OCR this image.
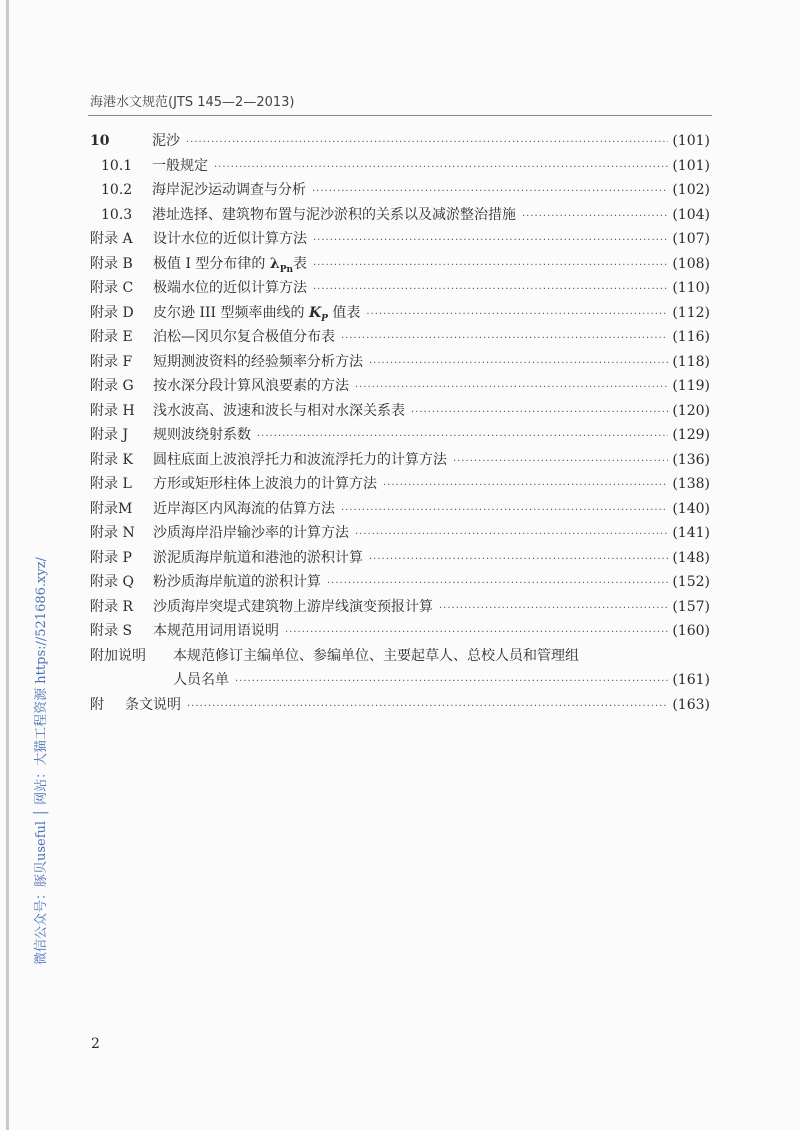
海港水文规范(JTS 145—2—2013)
10	泥沙 ·····	(101)
10.1	一般规定 ·····	(101)
10.2	海岸泥沙运动调查与分析 ·····	(102)
10.3	港址选择、建筑物布置与泥沙淤积的关系以及减淤整治措施 ·····	(104)
附录 A	设计水位的近似计算方法 ·····	(107)
附录 B	极值 I 型分布律的 $\lambda_{Pn}$表 ·····	(108)
附录 C	极端水位的近似计算方法 ·····	(110)
附录 D	皮尔逊 III 型频率曲线的 $K_P$ 值表 ·····	(112)
附录 E	泊松—冈贝尔复合极值分布表 ·····	(116)
附录 F	短期测波资料的经验频率分析方法 ·····	(118)
附录 G	按水深分段计算风浪要素的方法 ·····	(119)
附录 H	浅水波高、波速和波长与相对水深关系表 ·····	(120)
附录 J	规则波绕射系数 ·····	(129)
附录 K	圆柱底面上波浪浮托力和波流浮托力的计算方法 ·····	(136)
附录 L	方形或矩形柱体上波浪力的计算方法 ·····	(138)
附录M	近岸海区内风海流的估算方法 ·····	(140)
附录 N	沙质海岸沿岸输沙率的计算方法 ·····	(141)
附录 P	淤泥质海岸航道和港池的淤积计算 ·····	(148)
附录 Q	粉沙质海岸航道的淤积计算 ·····	(152)
附录 R	沙质海岸突堤式建筑物上游岸线演变预报计算 ·····	(157)
附录 S	本规范用词用语说明 ·····	(160)
附加说明	本规范修订主编单位、参编单位、主要起草人、总校人员和管理组
人员名单 ·····	(161)
附	条文说明 ·····	(163)
微信公众号：豚贝useful │ 网站：大猫工程资源 https://521686.xyz/
2
